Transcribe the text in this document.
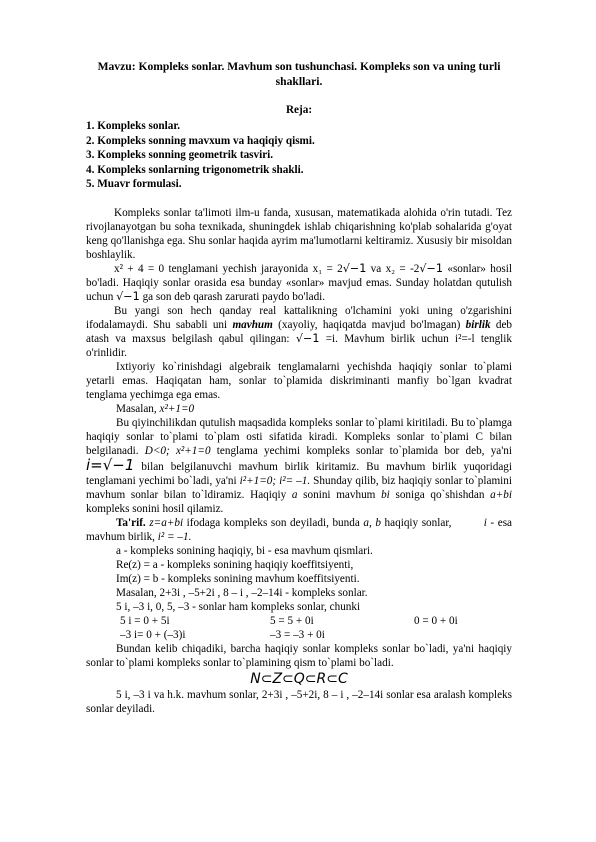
Mavzu: Kompleks sonlar. Mavhum son tushunchasi. Kompleks son va uning turli shakllari.
Reja:
1. Kompleks sonlar.
2. Kompleks sonning mavxum va haqiqiy qismi.
3. Kompleks sonning geometrik tasviri.
4. Kompleks sonlarning trigonometrik shakli.
5. Muavr formulasi.

Kompleks sonlar ta'limoti ilm-u fanda, xususan, matematikada alohida o'rin tutadi. Tez rivojlanayotgan bu soha texnikada, shuningdek ishlab chiqarishning ko'plab sohalarida g'oyat keng qo'llanishga ega. Shu sonlar haqida ayrim ma'lumotlarni keltiramiz. Xususiy bir misoldan boshlaylik.

x² + 4 = 0 tenglamani yechish jarayonida x₁ = 2√−1 va x₂ = -2√−1 «sonlar» hosil bo'ladi. Haqiqiy sonlar orasida esa bunday «sonlar» mavjud emas. Sunday holatdan qutulish uchun √−1 ga son deb qarash zarurati paydo bo'ladi.

Bu yangi son hech qanday real kattalikning o'lchamini yoki uning o'zgarishini ifodalamaydi. Shu sababli uni mavhum (xayoliy, haqiqatda mavjud bo'lmagan) birlik deb atash va maxsus belgilash qabul qilingan: √−1 =i. Mavhum birlik uchun i²=-l tenglik o'rinlidir.

Ixtiyoriy ko`rinishdagi algebraik tenglamalarni yechishda haqiqiy sonlar to`plami yetarli emas. Haqiqatan ham, sonlar to`plamida diskriminanti manfiy bo`lgan kvadrat tenglama yechimga ega emas.

Masalan, x²+1=0

Bu qiyinchilikdan qutulish maqsadida kompleks sonlar to`plami kiritiladi. Bu to`plamga haqiqiy sonlar to`plami to`plam osti sifatida kiradi. Kompleks sonlar to`plami C bilan belgilanadi. D<0; x²+1=0 tenglama yechimi kompleks sonlar to`plamida bor deb, ya'ni i=√−1 bilan belgilanuvchi mavhum birlik kiritamiz. Bu mavhum birlik yuqoridagi tenglamani yechimi bo`ladi, ya'ni i²+1=0; i²= –1. Shunday qilib, biz haqiqiy sonlar to`plamini mavhum sonlar bilan to`ldiramiz. Haqiqiy a sonini mavhum bi soniga qo`shishdan a+bi kompleks sonini hosil qilamiz.

Ta'rif. z=a+bi ifodaga kompleks son deyiladi, bunda a, b haqiqiy sonlar,	i - esa mavhum birlik, i² = –1.

a - kompleks sonining haqiqiy, bi - esa mavhum qismlari.

Re(z) = a - kompleks sonining haqiqiy koeffitsiyenti,

Im(z) = b - kompleks sonining mavhum koeffitsiyenti.

Masalan, 2+3i , –5+2i , 8 – i , –2–14i - kompleks sonlar.

5 i, –3 i, 0, 5, –3 - sonlar ham kompleks sonlar, chunki

5 i = 0 + 5i	5 = 5 + 0i	0 = 0 + 0i
–3 i= 0 + (–3)i	–3 = –3 + 0i

Bundan kelib chiqadiki, barcha haqiqiy sonlar kompleks sonlar bo`ladi, ya'ni haqiqiy sonlar to`plami kompleks sonlar to`plamining qism to`plami bo`ladi.

N⊂Z⊂Q⊂R⊂C

5 i, –3 i va h.k. mavhum sonlar, 2+3i , –5+2i, 8 – i , –2–14i sonlar esa aralash kompleks sonlar deyiladi.
